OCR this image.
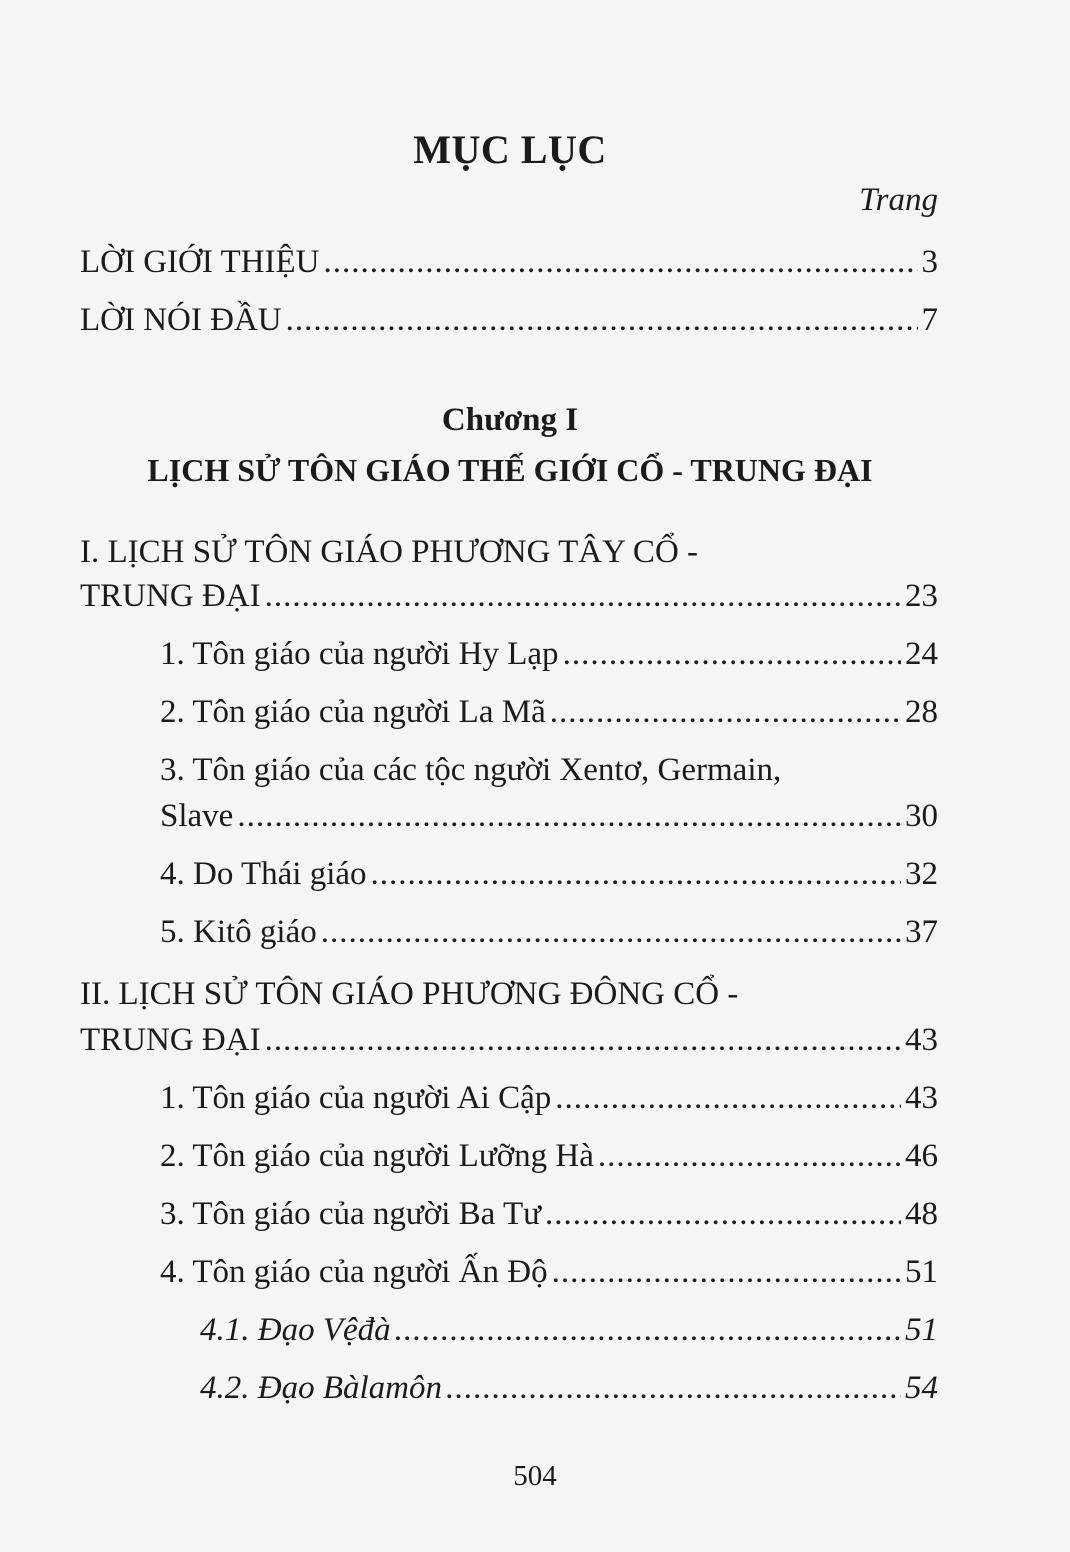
MỤC LỤC
Trang
LỜI GIỚI THIỆU .....	3
LỜI NÓI ĐẦU .....	7
Chương I
LỊCH SỬ TÔN GIÁO THẾ GIỚI CỔ - TRUNG ĐẠI
I. LỊCH SỬ TÔN GIÁO PHƯƠNG TÂY CỔ -
TRUNG ĐẠI .....	23
1. Tôn giáo của người Hy Lạp .....	24
2. Tôn giáo của người La Mã .....	28
3. Tôn giáo của các tộc người Xentơ, Germain,
Slave .....	30
4. Do Thái giáo .....	32
5. Kitô giáo .....	37
II. LỊCH SỬ TÔN GIÁO PHƯƠNG ĐÔNG CỔ -
TRUNG ĐẠI .....	43
1. Tôn giáo của người Ai Cập .....	43
2. Tôn giáo của người Lưỡng Hà .....	46
3. Tôn giáo của người Ba Tư .....	48
4. Tôn giáo của người Ấn Độ .....	51
4.1. Đạo Vệđà .....	51
4.2. Đạo Bàlamôn .....	54
504
